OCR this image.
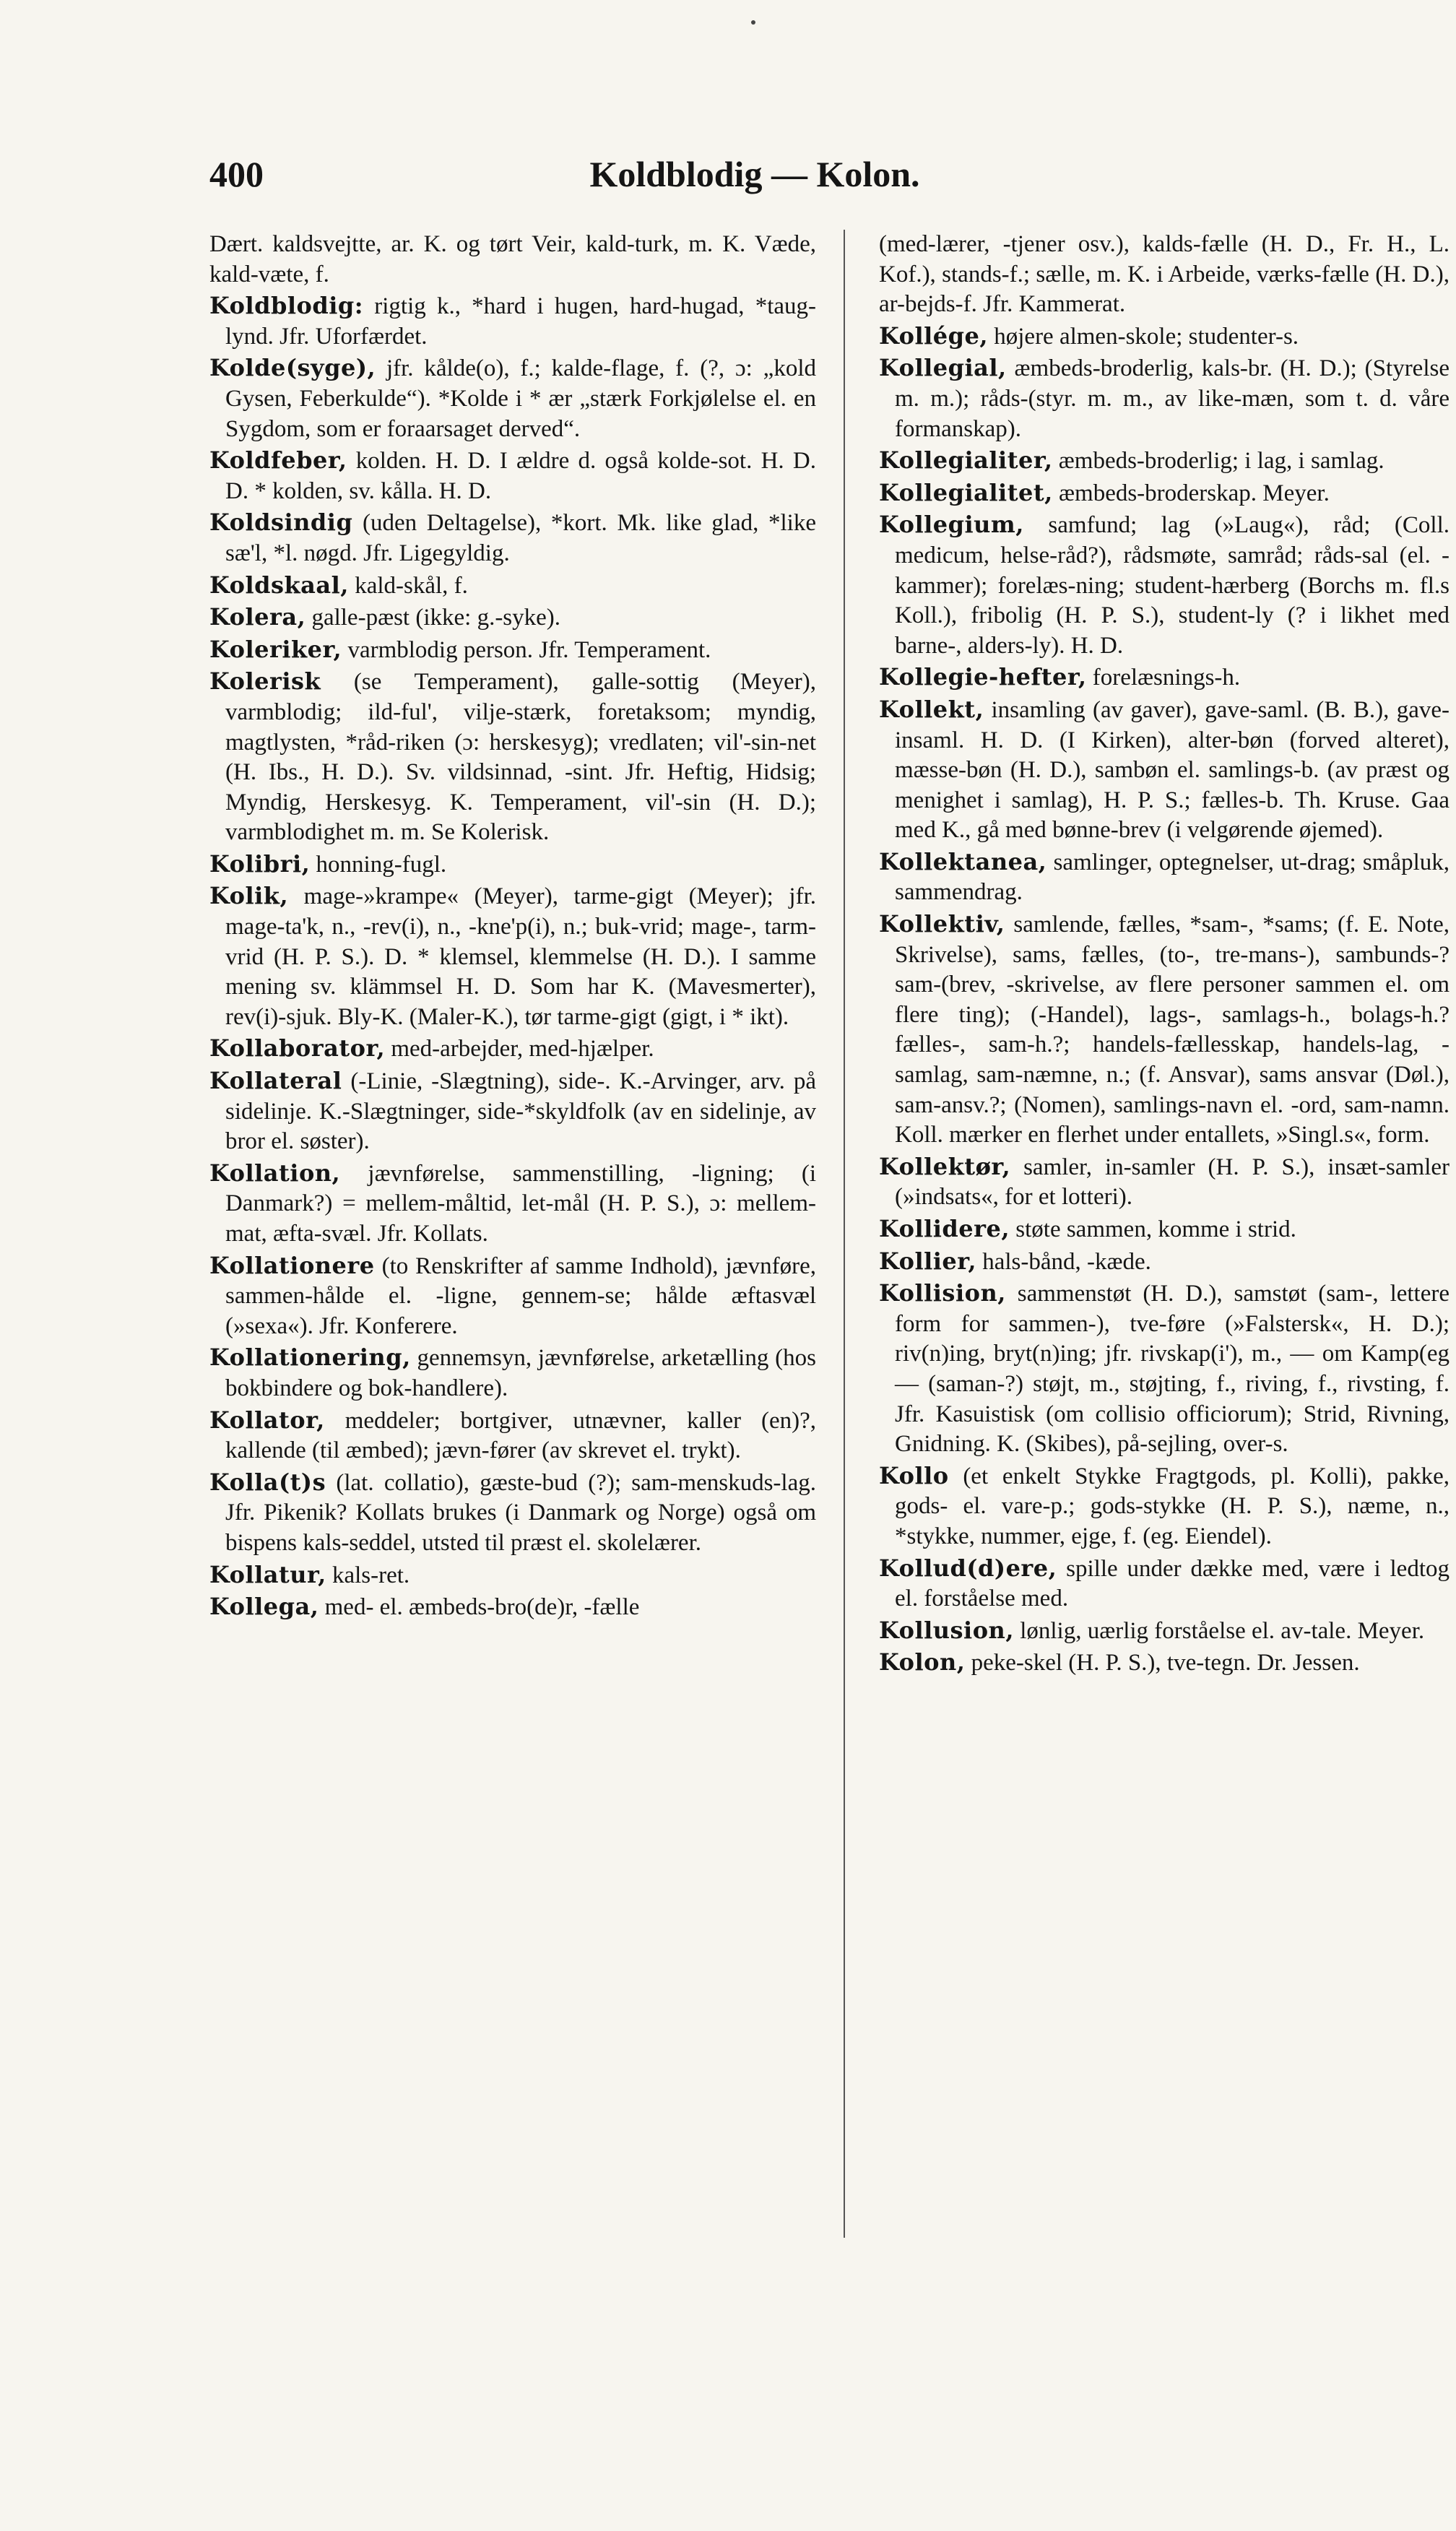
400	Koldblodig — Kolon.

Dært. kaldsvejtte, ar. K. og tørt Veir, kald-turk, m. K. Væde, kald-væte, f.

Koldblodig: rigtig k., *hard i hugen, hard-hugad, *taug-lynd. Jfr. Uforfærdet.

Kolde(syge), jfr. kålde(o), f.; kalde-flage, f. (?, ɔ: „kold Gysen, Feberkulde“). *Kolde i * ær „stærk Forkjølelse el. en Sygdom, som er foraarsaget derved“.

Koldfeber, kolden. H. D. I ældre d. også kolde-sot. H. D. D. * kolden, sv. kålla. H. D.

Koldsindig (uden Deltagelse), *kort. Mk. like glad, *like sæ'l, *l. nøgd. Jfr. Ligegyldig.

Koldskaal, kald-skål, f.

Kolera, galle-pæst (ikke: g.-syke).

Koleriker, varmblodig person. Jfr. Temperament.

Kolerisk (se Temperament), galle-sottig (Meyer), varmblodig; ild-ful', vilje-stærk, foretaksom; myndig, magtlysten, *råd-riken (ɔ: herskesyg); vredlaten; vil'-sin-net (H. Ibs., H. D.). Sv. vildsinnad, -sint. Jfr. Heftig, Hidsig; Myndig, Herskesyg. K. Temperament, vil'-sin (H. D.); varmblodighet m. m. Se Kolerisk.

Kolibri, honning-fugl.

Kolik, mage-»krampe« (Meyer), tarme-gigt (Meyer); jfr. mage-ta'k, n., -rev(i), n., -kne'p(i), n.; buk-vrid; mage-, tarm-vrid (H. P. S.). D. * klemsel, klemmelse (H. D.). I samme mening sv. klämmsel H. D. Som har K. (Mavesmerter), rev(i)-sjuk. Bly-K. (Maler-K.), tør tarme-gigt (gigt, i * ikt).

Kollaborator, med-arbejder, med-hjælper.

Kollateral (-Linie, -Slægtning), side-. K.-Arvinger, arv. på sidelinje. K.-Slægtninger, side-*skyldfolk (av en sidelinje, av bror el. søster).

Kollation, jævnførelse, sammenstilling, -ligning; (i Danmark?) = mellem-måltid, let-mål (H. P. S.), ɔ: mellem-mat, æfta-svæl. Jfr. Kollats.

Kollationere (to Renskrifter af samme Indhold), jævnføre, sammen-hålde el. -ligne, gennem-se; hålde æftasvæl (»sexa«). Jfr. Konferere.

Kollationering, gennemsyn, jævnførelse, arketælling (hos bokbindere og bok-handlere).

Kollator, meddeler; bortgiver, utnævner, kaller (en)?, kallende (til æmbed); jævn-fører (av skrevet el. trykt).

Kolla(t)s (lat. collatio), gæste-bud (?); sam-menskuds-lag. Jfr. Pikenik? Kollats brukes (i Danmark og Norge) også om bispens kals-seddel, utsted til præst el. skolelærer.

Kollatur, kals-ret.

Kollega, med- el. æmbeds-bro(de)r, -fælle

(med-lærer, -tjener osv.), kalds-fælle (H. D., Fr. H., L. Kof.), stands-f.; sælle, m. K. i Arbeide, værks-fælle (H. D.), ar-bejds-f. Jfr. Kammerat.

Kollége, højere almen-skole; studenter-s.

Kollegial, æmbeds-broderlig, kals-br. (H. D.); (Styrelse m. m.); råds-(styr. m. m., av like-mæn, som t. d. våre formanskap).

Kollegialiter, æmbeds-broderlig; i lag, i samlag.

Kollegialitet, æmbeds-broderskap. Meyer.

Kollegium, samfund; lag (»Laug«), råd; (Coll. medicum, helse-råd?), rådsmøte, samråd; råds-sal (el. -kammer); forelæs-ning; student-hærberg (Borchs m. fl.s Koll.), fribolig (H. P. S.), student-ly (? i likhet med barne-, alders-ly). H. D.

Kollegie-hefter, forelæsnings-h.

Kollekt, insamling (av gaver), gave-saml. (B. B.), gave-insaml. H. D. (I Kirken), alter-bøn (forved alteret), mæsse-bøn (H. D.), sambøn el. samlings-b. (av præst og menighet i samlag), H. P. S.; fælles-b. Th. Kruse. Gaa med K., gå med bønne-brev (i velgørende øjemed).

Kollektanea, samlinger, optegnelser, ut-drag; småpluk, sammendrag.

Kollektiv, samlende, fælles, *sam-, *sams; (f. E. Note, Skrivelse), sams, fælles, (to-, tre-mans-), sambunds-? sam-(brev, -skrivelse, av flere personer sammen el. om flere ting); (-Handel), lags-, samlags-h., bolags-h.? fælles-, sam-h.?; handels-fællesskap, handels-lag, -samlag, sam-næmne, n.; (f. Ansvar), sams ansvar (Døl.), sam-ansv.?; (Nomen), samlings-navn el. -ord, sam-namn. Koll. mærker en flerhet under entallets, »Singl.s«, form.

Kollektør, samler, in-samler (H. P. S.), insæt-samler (»indsats«, for et lotteri).

Kollidere, støte sammen, komme i strid.

Kollier, hals-bånd, -kæde.

Kollision, sammenstøt (H. D.), samstøt (sam-, lettere form for sammen-), tve-føre (»Falstersk«, H. D.); riv(n)ing, bryt(n)ing; jfr. rivskap(i'), m., — om Kamp(eg — (saman-?) støjt, m., støjting, f., riving, f., rivsting, f. Jfr. Kasuistisk (om collisio officiorum); Strid, Rivning, Gnidning. K. (Skibes), på-sejling, over-s.

Kollo (et enkelt Stykke Fragtgods, pl. Kolli), pakke, gods- el. vare-p.; gods-stykke (H. P. S.), næme, n., *stykke, nummer, ejge, f. (eg. Eiendel).

Kollud(d)ere, spille under dække med, være i ledtog el. forståelse med.

Kollusion, lønlig, uærlig forståelse el. av-tale. Meyer.

Kolon, peke-skel (H. P. S.), tve-tegn. Dr. Jessen.
